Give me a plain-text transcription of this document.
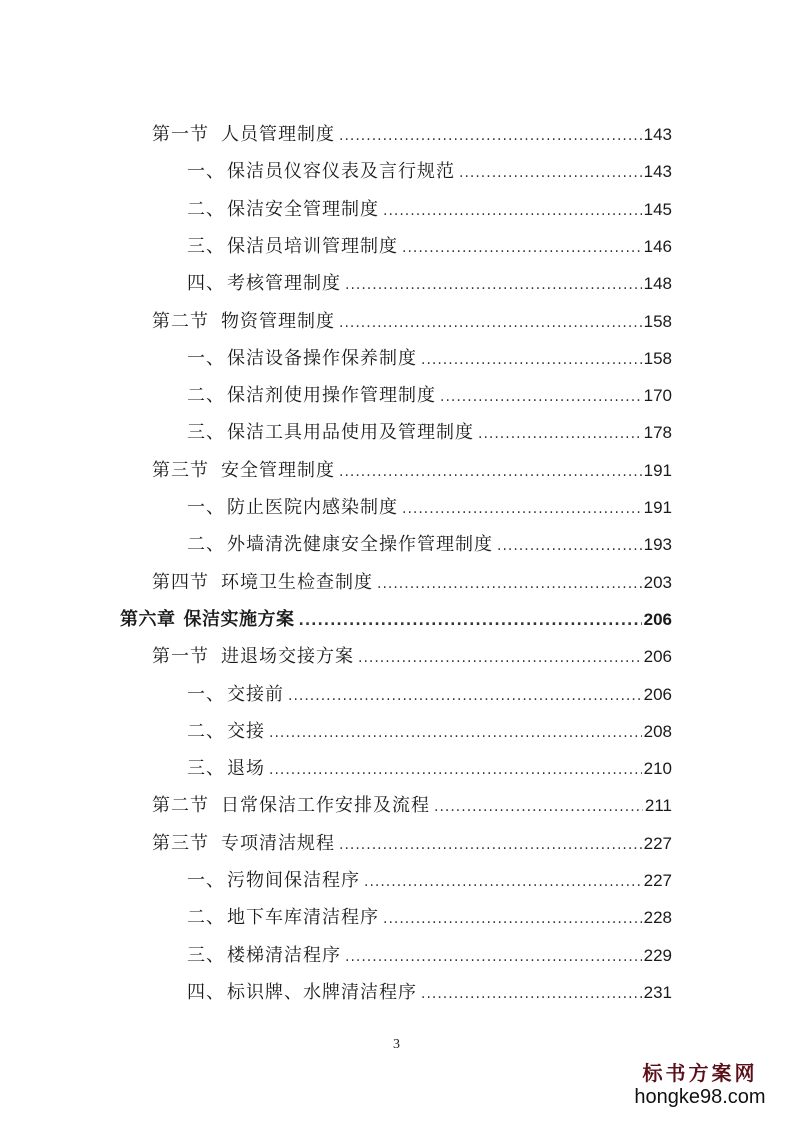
第一节 人员管理制度 .....	143
一、 保洁员仪容仪表及言行规范 .....	143
二、 保洁安全管理制度 .....	145
三、 保洁员培训管理制度 .....	146
四、 考核管理制度 .....	148
第二节 物资管理制度 .....	158
一、 保洁设备操作保养制度 .....	158
二、 保洁剂使用操作管理制度 .....	170
三、 保洁工具用品使用及管理制度 .....	178
第三节 安全管理制度 .....	191
一、 防止医院内感染制度 .....	191
二、 外墙清洗健康安全操作管理制度 .....	193
第四节 环境卫生检查制度 .....	203
第六章 保洁实施方案 .....	206
第一节 进退场交接方案 .....	206
一、 交接前 .....	206
二、 交接 .....	208
三、 退场 .....	210
第二节 日常保洁工作安排及流程 .....	211
第三节 专项清洁规程 .....	227
一、 污物间保洁程序 .....	227
二、 地下车库清洁程序 .....	228
三、 楼梯清洁程序 .....	229
四、 标识牌、水牌清洁程序 .....	231
3
标书方案网
hongke98.com
